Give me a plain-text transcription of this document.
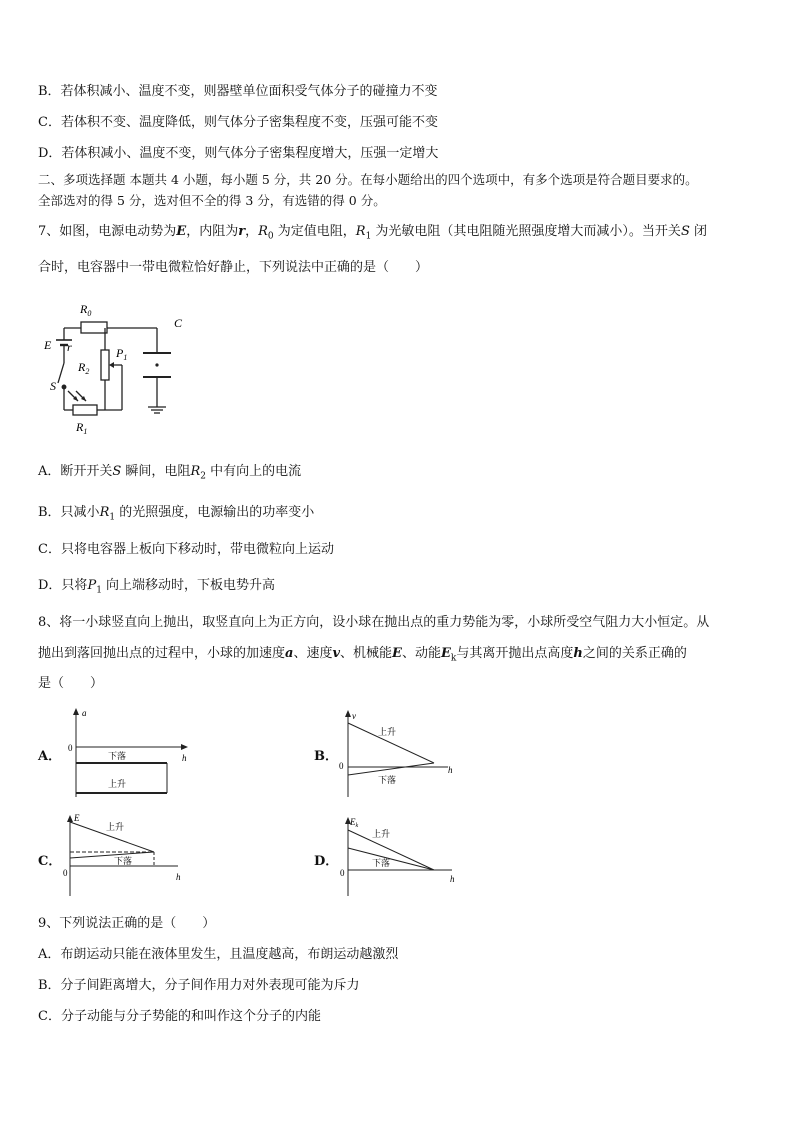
B．若体积减小、温度不变，则器壁单位面积受气体分子的碰撞力不变
C．若体积不变、温度降低，则气体分子密集程度不变，压强可能不变
D．若体积减小、温度不变，则气体分子密集程度增大，压强一定增大
二、多项选择题 本题共 4 小题，每小题 5 分，共 20 分。在每小题给出的四个选项中，有多个选项是符合题目要求的。
全部选对的得 5 分，选对但不全的得 3 分，有选错的得 0 分。
7、如图，电源电动势为E，内阻为r，$R_0$ 为定值电阻，$R_1$ 为光敏电阻（其电阻随光照强度增大而减小）。当开关S 闭
合时，电容器中一带电微粒恰好静止，下列说法中正确的是（　　）
$R_0$
C
E r	$P_1$
$R_2$
S
$R_1$
A．断开开关S 瞬间，电阻$R_2$ 中有向上的电流
B．只减小$R_1$ 的光照强度，电源输出的功率变小
C．只将电容器上板向下移动时，带电微粒向上运动
D．只将$P_1$ 向上端移动时，下板电势升高
8、将一小球竖直向上抛出，取竖直向上为正方向，设小球在抛出点的重力势能为零，小球所受空气阻力大小恒定。从
抛出到落回抛出点的过程中，小球的加速度a、速度v、机械能E、动能$E_k$与其离开抛出点高度h之间的关系正确的
是（　　）
A．
a
h
0
下落
上升
B．
v
h
0
上升
下落
C．
E
h
0
上升
下落	D．
$E_k$
h
0
上升
下落
9、下列说法正确的是（　　）
A．布朗运动只能在液体里发生，且温度越高，布朗运动越激烈
B．分子间距离增大，分子间作用力对外表现可能为斥力
C．分子动能与分子势能的和叫作这个分子的内能
